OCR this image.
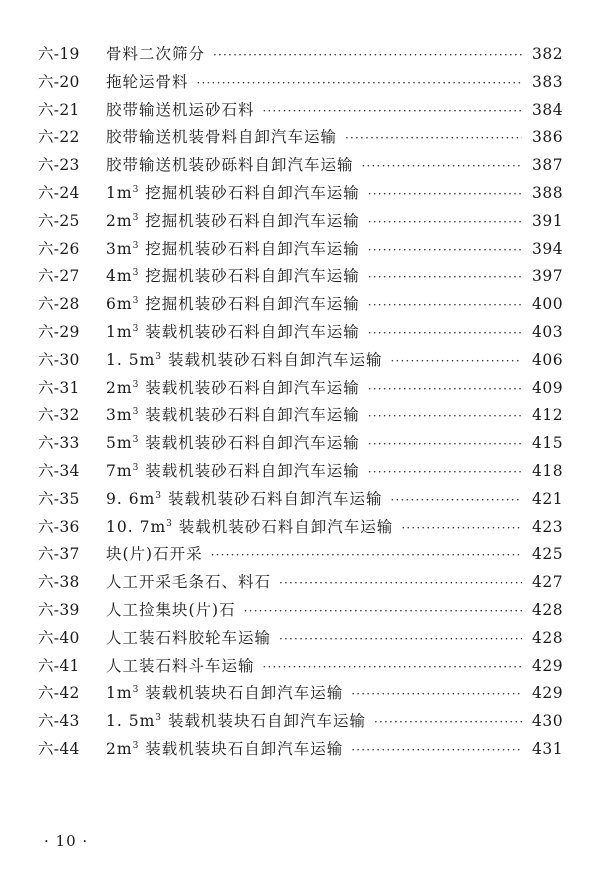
六-19	骨料二次筛分 ·····	382
六-20	拖轮运骨料 ·····	383
六-21	胶带输送机运砂石料 ·····	384
六-22	胶带输送机装骨料自卸汽车运输 ·····	386
六-23	胶带输送机装砂砾料自卸汽车运输 ·····	387
六-24	$1m^3$ 挖掘机装砂石料自卸汽车运输 ·····	388
六-25	$2m^3$ 挖掘机装砂石料自卸汽车运输 ·····	391
六-26	$3m^3$ 挖掘机装砂石料自卸汽车运输 ·····	394
六-27	$4m^3$ 挖掘机装砂石料自卸汽车运输 ·····	397
六-28	$6m^3$ 挖掘机装砂石料自卸汽车运输 ·····	400
六-29	$1m^3$ 装载机装砂石料自卸汽车运输 ·····	403
六-30	1. $5m^3$ 装载机装砂石料自卸汽车运输 ·····	406
六-31	$2m^3$ 装载机装砂石料自卸汽车运输 ·····	409
六-32	$3m^3$ 装载机装砂石料自卸汽车运输 ·····	412
六-33	$5m^3$ 装载机装砂石料自卸汽车运输 ·····	415
六-34	$7m^3$ 装载机装砂石料自卸汽车运输 ·····	418
六-35	9. $6m^3$ 装载机装砂石料自卸汽车运输 ·····	421
六-36	10. $7m^3$ 装载机装砂石料自卸汽车运输 ·····	423
六-37	块(片)石开采 ·····	425
六-38	人工开采毛条石、料石 ·····	427
六-39	人工捡集块(片)石 ·····	428
六-40	人工装石料胶轮车运输 ·····	428
六-41	人工装石料斗车运输 ·····	429
六-42	$1m^3$ 装载机装块石自卸汽车运输 ·····	429
六-43	1. $5m^3$ 装载机装块石自卸汽车运输 ·····	430
六-44	$2m^3$ 装载机装块石自卸汽车运输 ·····	431
· 10 ·
